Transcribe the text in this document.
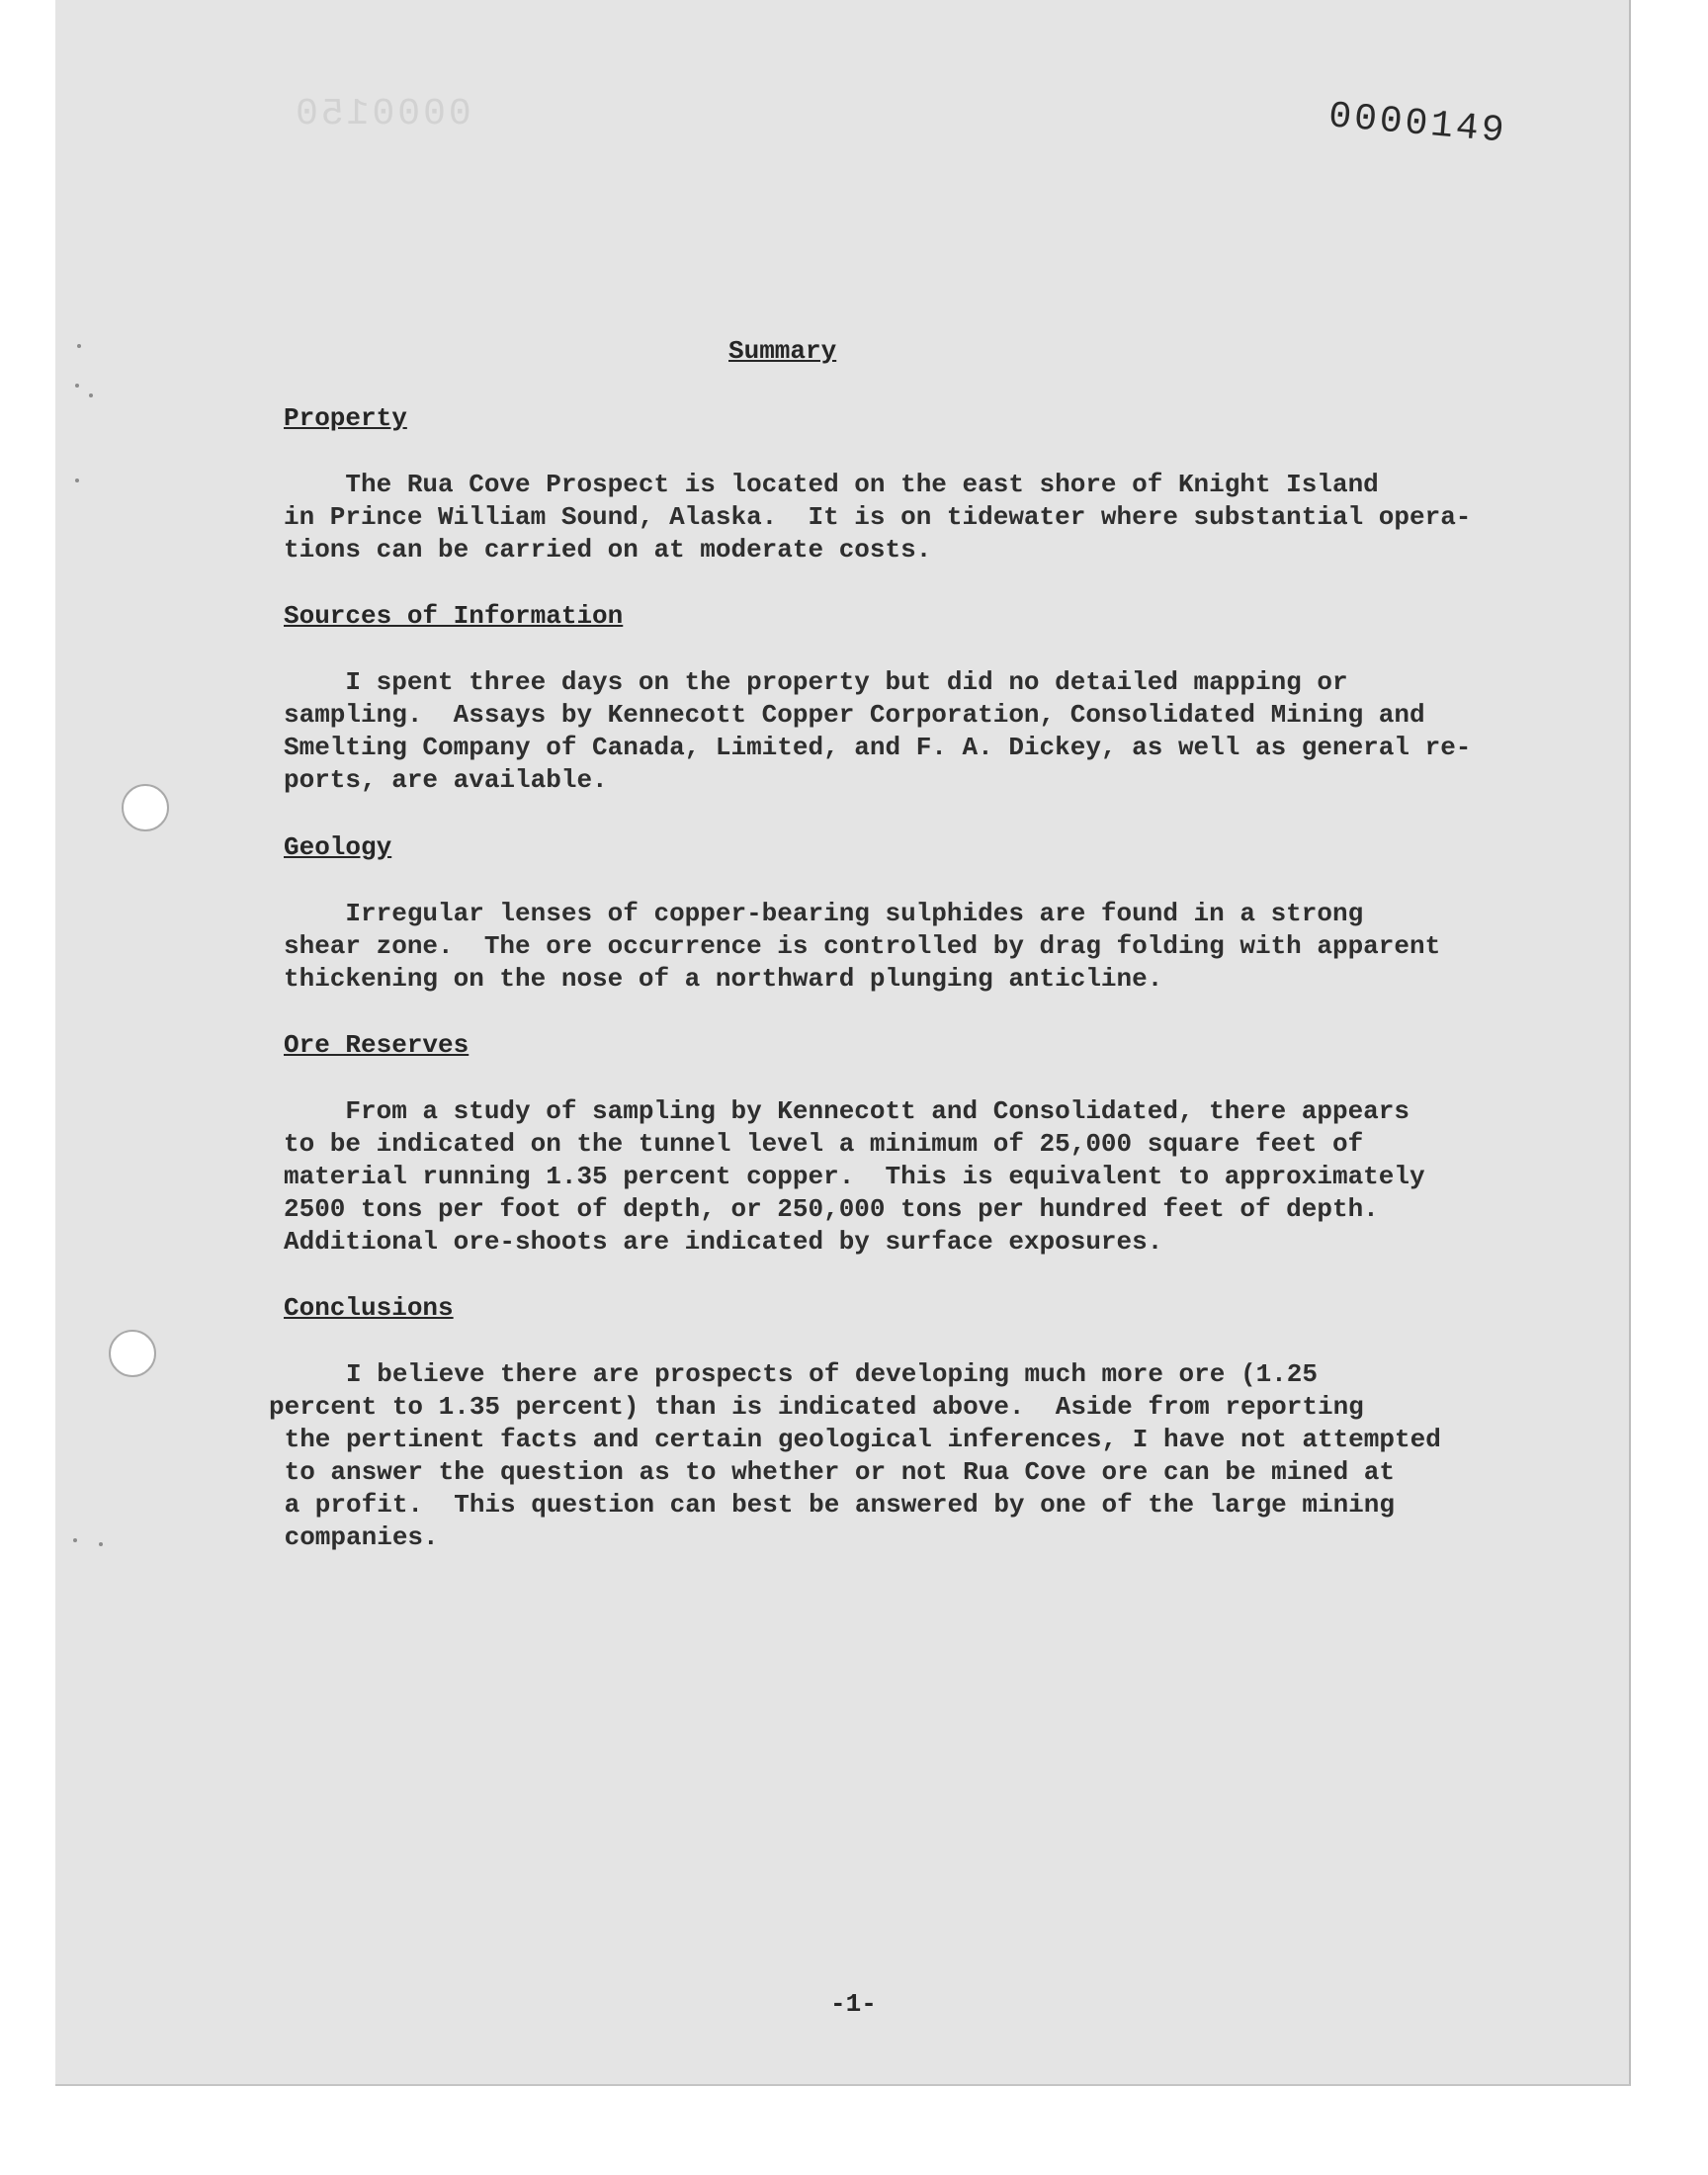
0000150	0000149
Summary
Property
The Rua Cove Prospect is located on the east shore of Knight Island
in Prince William Sound, Alaska.  It is on tidewater where substantial opera-
tions can be carried on at moderate costs.
Sources of Information
I spent three days on the property but did no detailed mapping or
sampling.  Assays by Kennecott Copper Corporation, Consolidated Mining and
Smelting Company of Canada, Limited, and F. A. Dickey, as well as general re-
ports, are available.
Geology
Irregular lenses of copper-bearing sulphides are found in a strong
shear zone.  The ore occurrence is controlled by drag folding with apparent
thickening on the nose of a northward plunging anticline.
Ore Reserves
From a study of sampling by Kennecott and Consolidated, there appears
to be indicated on the tunnel level a minimum of 25,000 square feet of
material running 1.35 percent copper.  This is equivalent to approximately
2500 tons per foot of depth, or 250,000 tons per hundred feet of depth.
Additional ore-shoots are indicated by surface exposures.
Conclusions
I believe there are prospects of developing much more ore (1.25
percent to 1.35 percent) than is indicated above.  Aside from reporting
the pertinent facts and certain geological inferences, I have not attempted
to answer the question as to whether or not Rua Cove ore can be mined at
a profit.  This question can best be answered by one of the large mining
companies.
-1-
